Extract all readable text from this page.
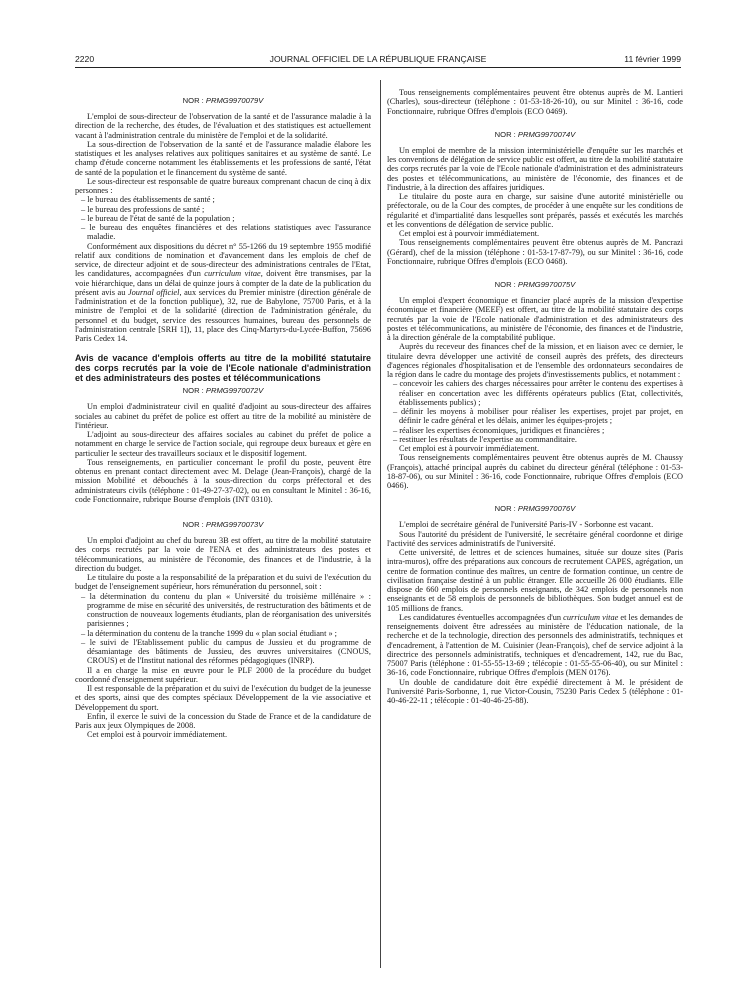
2220	JOURNAL OFFICIEL DE LA RÉPUBLIQUE FRANÇAISE	11 février 1999
NOR : PRMG9970079V

L'emploi de sous-directeur de l'observation de la santé et de l'assurance maladie à la direction de la recherche, des études, de l'évaluation et des statistiques est actuellement vacant à l'administration centrale du ministère de l'emploi et de la solidarité.

La sous-direction de l'observation de la santé et de l'assurance maladie élabore les statistiques et les analyses relatives aux politiques sanitaires et au système de santé. Le champ d'étude concerne notamment les établissements et les professions de santé, l'état de santé de la population et le financement du système de santé.

Le sous-directeur est responsable de quatre bureaux comprenant chacun de cinq à dix personnes :

– le bureau des établissements de santé ;
– le bureau des professions de santé ;
– le bureau de l'état de santé de la population ;
– le bureau des enquêtes financières et des relations statistiques avec l'assurance maladie.

Conformément aux dispositions du décret n° 55-1266 du 19 septembre 1955 modifié relatif aux conditions de nomination et d'avancement dans les emplois de chef de service, de directeur adjoint et de sous-directeur des administrations centrales de l'Etat, les candidatures, accompagnées d'un curriculum vitae, doivent être transmises, par la voie hiérarchique, dans un délai de quinze jours à compter de la date de la publication du présent avis au Journal officiel, aux services du Premier ministre (direction générale de l'administration et de la fonction publique), 32, rue de Babylone, 75700 Paris, et à la ministre de l'emploi et de la solidarité (direction de l'administration générale, du personnel et du budget, service des ressources humaines, bureau des personnels de l'administration centrale [SRH 1]), 11, place des Cinq-Martyrs-du-Lycée-Buffon, 75696 Paris Cedex 14.

Avis de vacance d'emplois offerts au titre de la mobilité statutaire des corps recrutés par la voie de l'Ecole nationale d'administration et des administrateurs des postes et télécommunications
NOR : PRMG9970072V

Un emploi d'administrateur civil en qualité d'adjoint au sous-directeur des affaires sociales au cabinet du préfet de police est offert au titre de la mobilité au ministère de l'intérieur.

L'adjoint au sous-directeur des affaires sociales au cabinet du préfet de police a notamment en charge le service de l'action sociale, qui regroupe deux bureaux et gère en particulier le secteur des travailleurs sociaux et le dispositif logement.

Tous renseignements, en particulier concernant le profil du poste, peuvent être obtenus en prenant contact directement avec M. Delage (Jean-François), chargé de la mission Mobilité et débouchés à la sous-direction du corps préfectoral et des administrateurs civils (téléphone : 01-49-27-37-02), ou en consultant le Minitel : 36-16, code Fonctionnaire, rubrique Bourse d'emplois (INT 0310).

NOR : PRMG9970073V

Un emploi d'adjoint au chef du bureau 3B est offert, au titre de la mobilité statutaire des corps recrutés par la voie de l'ENA et des administrateurs des postes et télécommunications, au ministère de l'économie, des finances et de l'industrie, à la direction du budget.

Le titulaire du poste a la responsabilité de la préparation et du suivi de l'exécution du budget de l'enseignement supérieur, hors rémunération du personnel, soit :

– la détermination du contenu du plan « Université du troisième millénaire » : programme de mise en sécurité des universités, de restructuration des bâtiments et de construction de nouveaux logements étudiants, plan de réorganisation des universités parisiennes ;
– la détermination du contenu de la tranche 1999 du « plan social étudiant » ;
– le suivi de l'Etablissement public du campus de Jussieu et du programme de désamiantage des bâtiments de Jussieu, des œuvres universitaires (CNOUS, CROUS) et de l'Institut national des réformes pédagogiques (INRP).

Il a en charge la mise en œuvre pour le PLF 2000 de la procédure du budget coordonné d'enseignement supérieur.

Il est responsable de la préparation et du suivi de l'exécution du budget de la jeunesse et des sports, ainsi que des comptes spéciaux Développement de la vie associative et Développement du sport.

Enfin, il exerce le suivi de la concession du Stade de France et de la candidature de Paris aux jeux Olympiques de 2008.

Cet emploi est à pourvoir immédiatement.

Tous renseignements complémentaires peuvent être obtenus auprès de M. Lantieri (Charles), sous-directeur (téléphone : 01-53-18-26-10), ou sur Minitel : 36-16, code Fonctionnaire, rubrique Offres d'emplois (ECO 0469).

NOR : PRMG9970074V

Un emploi de membre de la mission interministérielle d'enquête sur les marchés et les conventions de délégation de service public est offert, au titre de la mobilité statutaire des corps recrutés par la voie de l'Ecole nationale d'administration et des administrateurs des postes et télécommunications, au ministère de l'économie, des finances et de l'industrie, à la direction des affaires juridiques.

Le titulaire du poste aura en charge, sur saisine d'une autorité ministérielle ou préfectorale, ou de la Cour des comptes, de procéder à une enquête sur les conditions de régularité et d'impartialité dans lesquelles sont préparés, passés et exécutés les marchés et les conventions de délégation de service public.

Cet emploi est à pourvoir immédiatement.

Tous renseignements complémentaires peuvent être obtenus auprès de M. Pancrazi (Gérard), chef de la mission (téléphone : 01-53-17-87-79), ou sur Minitel : 36-16, code Fonctionnaire, rubrique Offres d'emplois (ECO 0468).

NOR : PRMG9970075V

Un emploi d'expert économique et financier placé auprès de la mission d'expertise économique et financière (MEEF) est offert, au titre de la mobilité statutaire des corps recrutés par la voie de l'Ecole nationale d'administration et des administrateurs des postes et télécommunications, au ministère de l'économie, des finances et de l'industrie, à la direction générale de la comptabilité publique.

Auprès du receveur des finances chef de la mission, et en liaison avec ce dernier, le titulaire devra développer une activité de conseil auprès des préfets, des directeurs d'agences régionales d'hospitalisation et de l'ensemble des ordonnateurs secondaires de la région dans le cadre du montage des projets d'investissements publics, et notamment :

– concevoir les cahiers des charges nécessaires pour arrêter le contenu des expertises à réaliser en concertation avec les différents opérateurs publics (Etat, collectivités, établissements publics) ;
– définir les moyens à mobiliser pour réaliser les expertises, projet par projet, en définir le cadre général et les délais, animer les équipes-projets ;
– réaliser les expertises économiques, juridiques et financières ;
– restituer les résultats de l'expertise au commanditaire.

Cet emploi est à pourvoir immédiatement.

Tous renseignements complémentaires peuvent être obtenus auprès de M. Chaussy (François), attaché principal auprès du cabinet du directeur général (téléphone : 01-53-18-87-06), ou sur Minitel : 36-16, code Fonctionnaire, rubrique Offres d'emplois (ECO 0466).

NOR : PRMG9970076V

L'emploi de secrétaire général de l'université Paris-IV - Sorbonne est vacant.

Sous l'autorité du président de l'université, le secrétaire général coordonne et dirige l'activité des services administratifs de l'université.

Cette université, de lettres et de sciences humaines, située sur douze sites (Paris intra-muros), offre des préparations aux concours de recrutement CAPES, agrégation, un centre de formation continue des maîtres, un centre de formation continue, un centre de civilisation française destiné à un public étranger. Elle accueille 26 000 étudiants. Elle dispose de 660 emplois de personnels enseignants, de 342 emplois de personnels non enseignants et de 58 emplois de personnels de bibliothèques. Son budget annuel est de 105 millions de francs.

Les candidatures éventuelles accompagnées d'un curriculum vitae et les demandes de renseignements doivent être adressées au ministère de l'éducation nationale, de la recherche et de la technologie, direction des personnels des administratifs, techniques et d'encadrement, à l'attention de M. Cuisinier (Jean-François), chef de service adjoint à la directrice des personnels administratifs, techniques et d'encadrement, 142, rue du Bac, 75007 Paris (téléphone : 01-55-55-13-69 ; télécopie : 01-55-55-06-40), ou sur Minitel : 36-16, code Fonctionnaire, rubrique Offres d'emplois (MEN 0176).

Un double de candidature doit être expédié directement à M. le président de l'université Paris-Sorbonne, 1, rue Victor-Cousin, 75230 Paris Cedex 5 (téléphone : 01-40-46-22-11 ; télécopie : 01-40-46-25-88).
